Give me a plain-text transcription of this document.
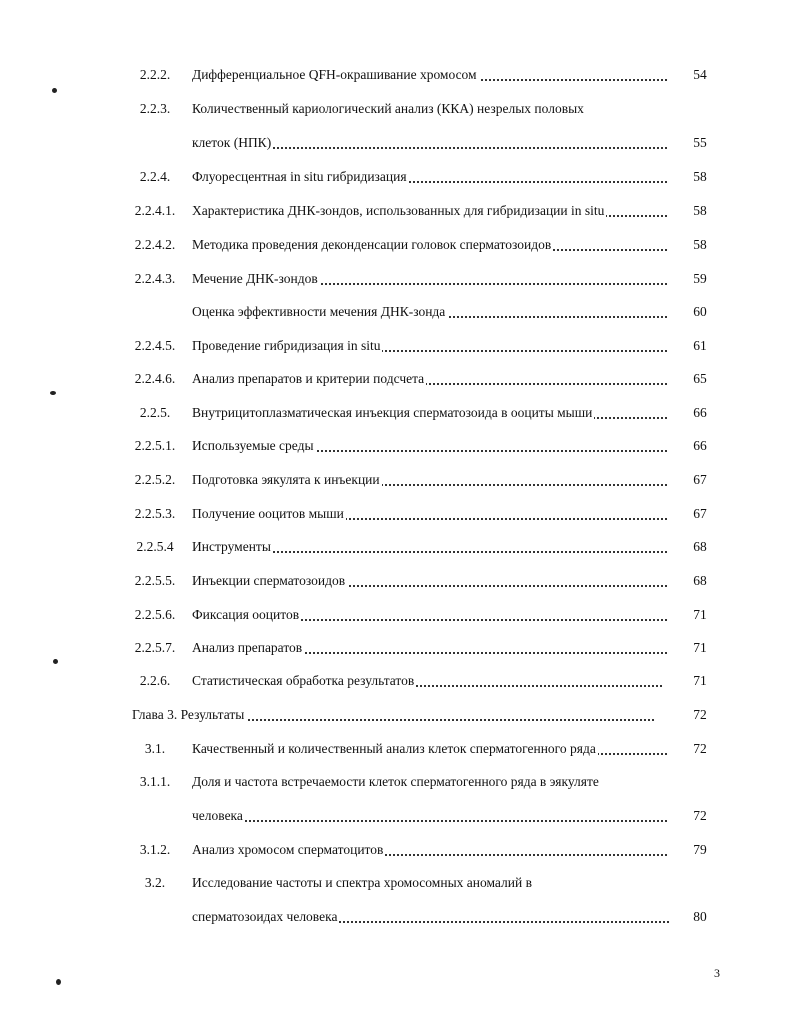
2.2.2.	Дифференциальное QFH-окрашивание хромосом	54
2.2.3.	Количественный кариологический анализ (ККА) незрелых половых
клеток (НПК)	55
2.2.4.	Флуоресцентная in situ гибридизация	58
2.2.4.1.	Характеристика ДНК-зондов, использованных для гибридизации in situ	58
2.2.4.2.	Методика проведения деконденсации головок сперматозоидов	58
2.2.4.3.	Мечение ДНК-зондов	59
Оценка эффективности мечения ДНК-зонда	60
2.2.4.5.	Проведение гибридизация in situ	61
2.2.4.6.	Анализ препаратов и критерии подсчета	65
2.2.5.	Внутрицитоплазматическая инъекция сперматозоида в ооциты мыши	66
2.2.5.1.	Используемые среды	66
2.2.5.2.	Подготовка эякулята к инъекции	67
2.2.5.3.	Получение ооцитов мыши	67
2.2.5.4	Инструменты	68
2.2.5.5.	Инъекции сперматозоидов	68
2.2.5.6.	Фиксация ооцитов	71
2.2.5.7.	Анализ препаратов	71
2.2.6.	Статистическая обработка результатов	71
Глава 3. Результаты	72
3.1.	Качественный и количественный анализ клеток сперматогенного ряда	72
3.1.1.	Доля и частота встречаемости клеток сперматогенного ряда в эякуляте
человека	72
3.1.2.	Анализ хромосом сперматоцитов	79
3.2.	Исследование частоты и спектра хромосомных аномалий в
сперматозоидах человека	80
3
